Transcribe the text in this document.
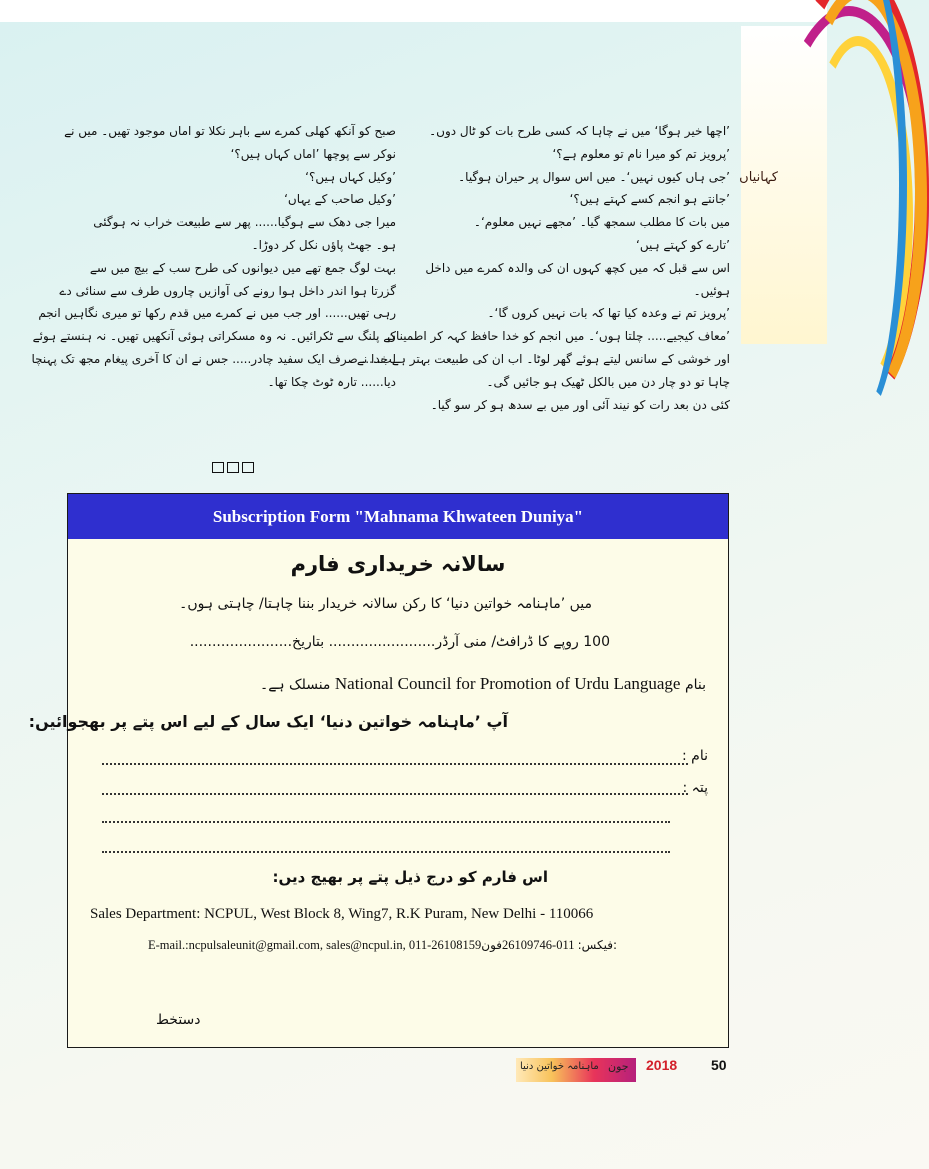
کہانیاں
’اچھا خیر ہوگا‘ میں نے چاہا کہ کسی طرح بات کو ٹال دوں۔
’پرویز تم کو میرا نام تو معلوم ہے؟‘
’جی ہاں کیوں نہیں‘۔ میں اس سوال پر حیران ہوگیا۔
’جانتے ہو انجم کسے کہتے ہیں؟‘
میں بات کا مطلب سمجھ گیا۔ ’مجھے نہیں معلوم‘۔
’تارے کو کہتے ہیں‘
اس سے قبل کہ میں کچھ کہوں ان کی والدہ کمرے میں داخل
ہوئیں۔
’پرویز تم نے وعدہ کیا تھا کہ بات نہیں کروں گا‘۔
’معاف کیجیے..... چلتا ہوں‘۔ میں انجم کو خدا حافظ کہہ کر اطمینان
اور خوشی کے سانس لیتے ہوئے گھر لوٹا۔ اب ان کی طبیعت بہتر ہے خدا نے
چاہا تو دو چار دن میں بالکل ٹھیک ہو جائیں گی۔
کئی دن بعد رات کو نیند آئی اور میں بے سدھ ہو کر سو گیا۔
صبح کو آنکھ کھلی کمرے سے باہر نکلا تو اماں موجود تھیں۔ میں نے
نوکر سے پوچھا ’اماں کہاں ہیں؟‘
’وکیل کہاں ہیں؟‘
’وکیل صاحب کے یہاں‘
میرا جی دھک سے ہوگیا...... پھر سے طبیعت خراب نہ ہوگئی
ہو۔ جھٹ پاؤں نکل کر دوڑا۔
بہت لوگ جمع تھے میں دیوانوں کی طرح سب کے بیچ میں سے
گزرتا ہوا اندر داخل ہوا رونے کی آوازیں چاروں طرف سے سنائی دے
رہی تھیں...... اور جب میں نے کمرے میں قدم رکھا تو میری نگاہیں انجم
کے پلنگ سے ٹکرائیں۔ نہ وہ مسکراتی ہوئی آنکھیں تھیں۔ نہ ہنستے ہوئے
لب..... صرف ایک سفید چادر..... جس نے ان کا آخری پیغام مجھ تک پہنچا
دیا...... تارہ ٹوٹ چکا تھا۔
Subscription Form "Mahnama Khwateen Duniya"
سالانہ خریداری فارم
میں ’ماہنامہ خواتین دنیا‘ کا رکن سالانہ خریدار بننا چاہتا/ چاہتی ہوں۔
100 روپے کا ڈرافٹ/ منی آرڈر........................ بتاریخ.......................
بنام National Council for Promotion of Urdu Language منسلک ہے۔
آپ ’ماہنامہ خواتین دنیا‘ ایک سال کے لیے اس پتے پر بھجوائیں:
نام :
پتہ :
اس فارم کو درج ذیل پتے پر بھیج دیں:
Sales Department: NCPUL, West Block 8, Wing7, R.K Puram, New Delhi - 110066
E-mail.:ncpulsaleunit@gmail.com, sales@ncpul.in, 011-26108159	فیکس: 011-26109746فون:
دستخط
ماہنامہ خواتین دنیا جون 2018 50
